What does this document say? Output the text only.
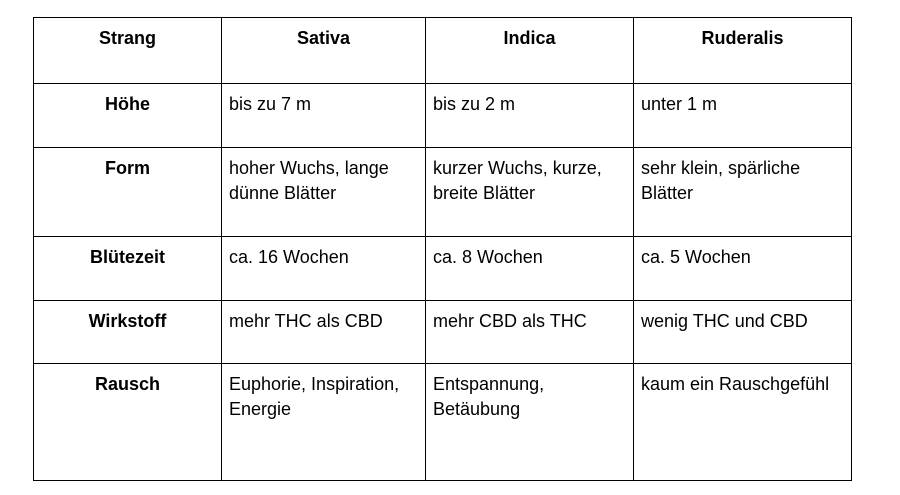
Strang	Sativa	Indica	Ruderalis
Höhe	bis zu 7 m	bis zu 2 m	unter 1 m
Form	hoher Wuchs, lange dünne Blätter	kurzer Wuchs, kurze, breite Blätter	sehr klein, spärliche Blätter
Blütezeit	ca. 16 Wochen	ca. 8 Wochen	ca. 5 Wochen
Wirkstoff	mehr THC als CBD	mehr CBD als THC	wenig THC und CBD
Rausch	Euphorie, Inspiration, Energie	Entspannung, Betäubung	kaum ein Rauschgefühl
